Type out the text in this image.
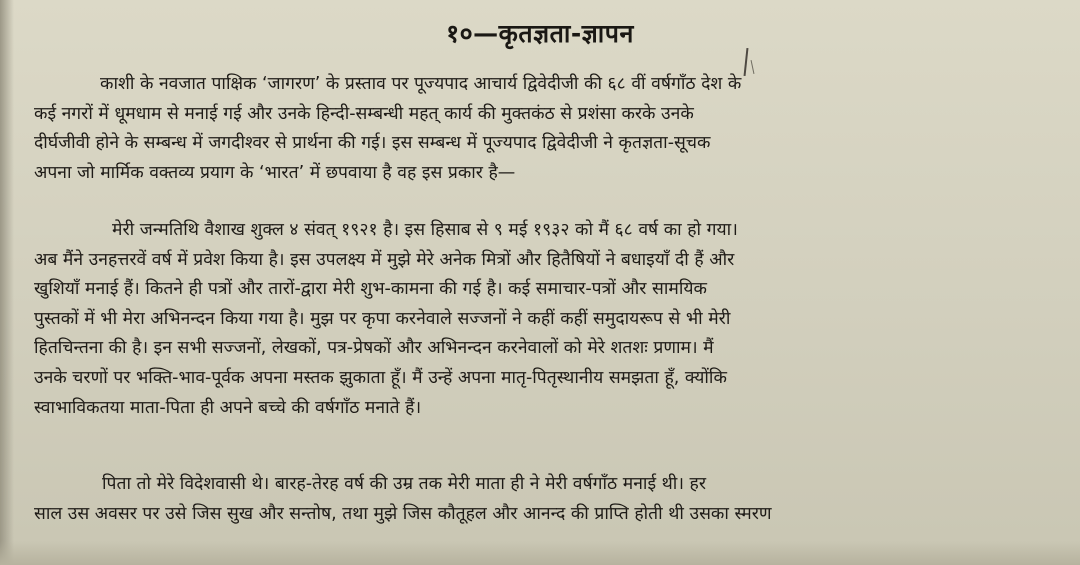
१०—कृतज्ञता-ज्ञापन
काशी के नवजात पाक्षिक ‘जागरण’ के प्रस्ताव पर पूज्यपाद आचार्य द्विवेदीजी की ६८ वीं वर्षगाँठ देश के
कई नगरों में धूमधाम से मनाई गई और उनके हिन्दी-सम्बन्धी महत् कार्य की मुक्तकंठ से प्रशंसा करके उनके
दीर्घजीवी होने के सम्बन्ध में जगदीश्वर से प्रार्थना की गई। इस सम्बन्ध में पूज्यपाद द्विवेदीजी ने कृतज्ञता-सूचक
अपना जो मार्मिक वक्तव्य प्रयाग के ‘भारत’ में छपवाया है वह इस प्रकार है—
मेरी जन्मतिथि वैशाख शुक्ल ४ संवत् १९२१ है। इस हिसाब से ९ मई १९३२ को मैं ६८ वर्ष का हो गया।
अब मैंने उनहत्तरवें वर्ष में प्रवेश किया है। इस उपलक्ष्य में मुझे मेरे अनेक मित्रों और हितैषियों ने बधाइयाँ दी हैं और
खुशियाँ मनाई हैं। कितने ही पत्रों और तारों-द्वारा मेरी शुभ-कामना की गई है। कई समाचार-पत्रों और सामयिक
पुस्तकों में भी मेरा अभिनन्दन किया गया है। मुझ पर कृपा करनेवाले सज्जनों ने कहीं कहीं समुदायरूप से भी मेरी
हितचिन्तना की है। इन सभी सज्जनों, लेखकों, पत्र-प्रेषकों और अभिनन्दन करनेवालों को मेरे शतशः प्रणाम। मैं
उनके चरणों पर भक्ति-भाव-पूर्वक अपना मस्तक झुकाता हूँ। मैं उन्हें अपना मातृ-पितृस्थानीय समझता हूँ, क्योंकि
स्वाभाविकतया माता-पिता ही अपने बच्चे की वर्षगाँठ मनाते हैं।
पिता तो मेरे विदेशवासी थे। बारह-तेरह वर्ष की उम्र तक मेरी माता ही ने मेरी वर्षगाँठ मनाई थी। हर
साल उस अवसर पर उसे जिस सुख और सन्तोष, तथा मुझे जिस कौतूहल और आनन्द की प्राप्ति होती थी उसका स्मरण
